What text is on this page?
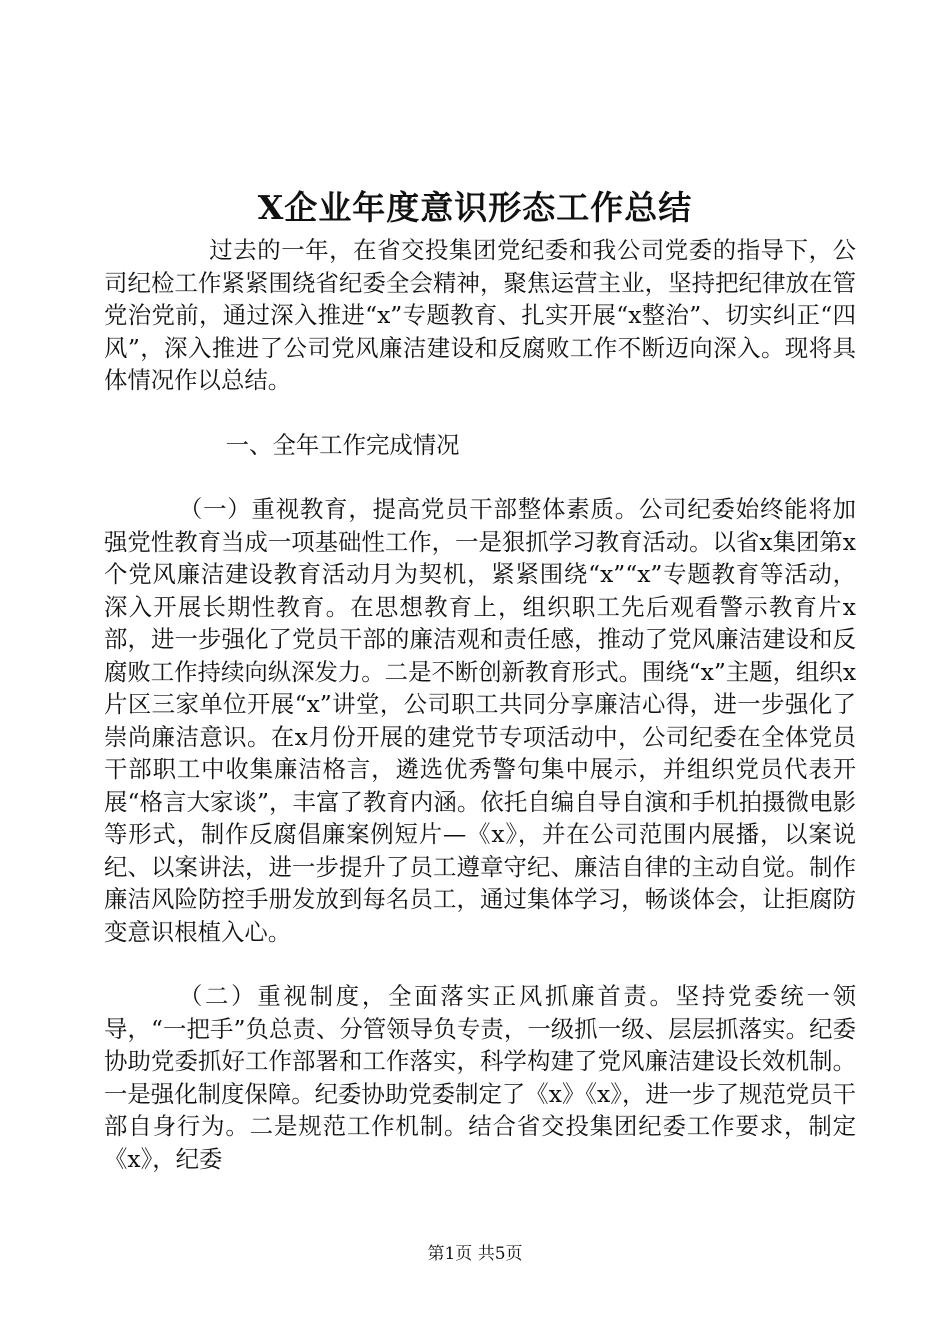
X企业年度意识形态工作总结

过去的一年，在省交投集团党纪委和我公司党委的指导下，公司纪检工作紧紧围绕省纪委全会精神，聚焦运营主业，坚持把纪律放在管党治党前，通过深入推进“x”专题教育、扎实开展“x整治”、切实纠正“四风”，深入推进了公司党风廉洁建设和反腐败工作不断迈向深入。现将具体情况作以总结。

一、全年工作完成情况

（一）重视教育，提高党员干部整体素质。公司纪委始终能将加强党性教育当成一项基础性工作，一是狠抓学习教育活动。以省x集团第x个党风廉洁建设教育活动月为契机，紧紧围绕“x”“x”专题教育等活动，深入开展长期性教育。在思想教育上，组织职工先后观看警示教育片x部，进一步强化了党员干部的廉洁观和责任感，推动了党风廉洁建设和反腐败工作持续向纵深发力。二是不断创新教育形式。围绕“x”主题，组织x片区三家单位开展“x”讲堂，公司职工共同分享廉洁心得，进一步强化了崇尚廉洁意识。在x月份开展的建党节专项活动中，公司纪委在全体党员干部职工中收集廉洁格言，遴选优秀警句集中展示，并组织党员代表开展“格言大家谈”，丰富了教育内涵。依托自编自导自演和手机拍摄微电影等形式，制作反腐倡廉案例短片—《x》，并在公司范围内展播，以案说纪、以案讲法，进一步提升了员工遵章守纪、廉洁自律的主动自觉。制作廉洁风险防控手册发放到每名员工，通过集体学习，畅谈体会，让拒腐防变意识根植入心。

（二）重视制度，全面落实正风抓廉首责。坚持党委统一领导，“一把手”负总责、分管领导负专责，一级抓一级、层层抓落实。纪委协助党委抓好工作部署和工作落实，科学构建了党风廉洁建设长效机制。一是强化制度保障。纪委协助党委制定了《x》《x》，进一步了规范党员干部自身行为。二是规范工作机制。结合省交投集团纪委工作要求，制定《x》，纪委

第1页 共5页
